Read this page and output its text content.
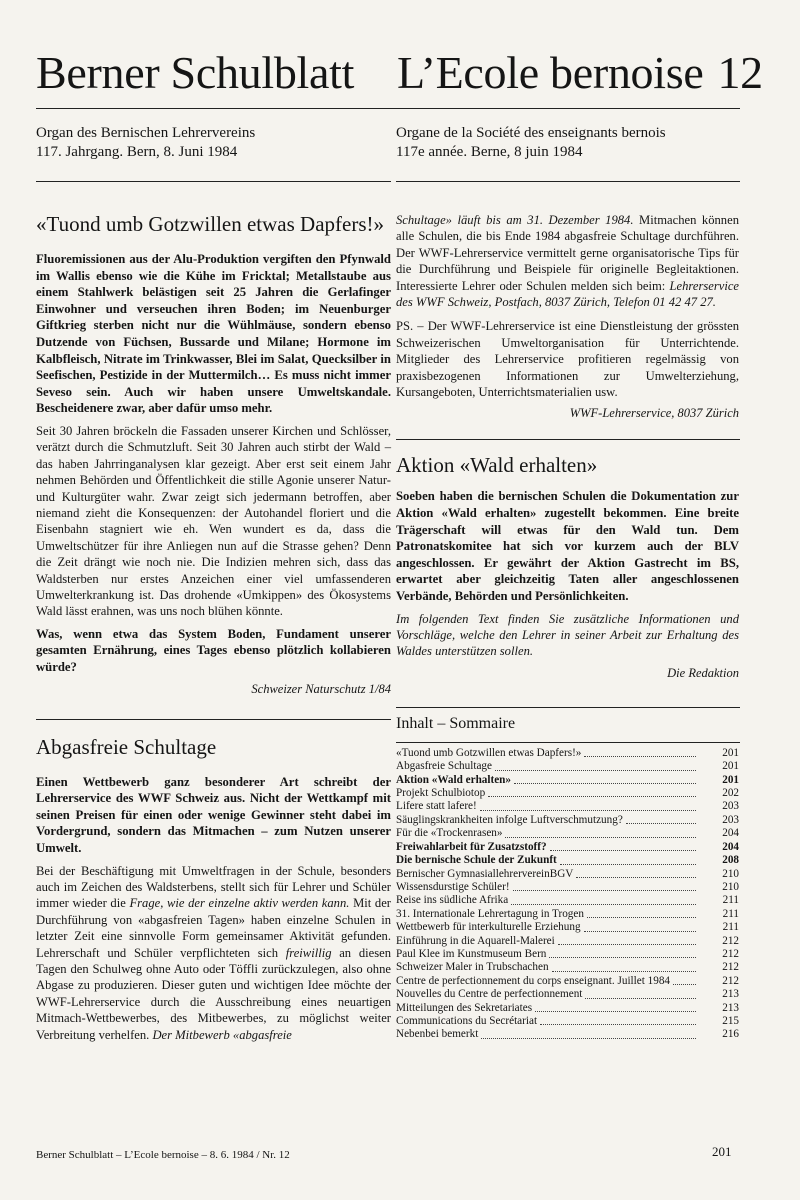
Berner Schulblatt L’Ecole bernoise 12
Organ des Bernischen Lehrervereins
117. Jahrgang. Bern, 8. Juni 1984
Organe de la Société des enseignants bernois
117e année. Berne, 8 juin 1984
«Tuond umb Gotzwillen etwas Dapfers!»

Fluoremissionen aus der Alu-Produktion vergiften den Pfynwald im Wallis ebenso wie die Kühe im Fricktal; Metallstaube aus einem Stahlwerk belästigen seit 25 Jahren die Gerlafinger Einwohner und verseuchen ihren Boden; im Neuenburger Giftkrieg sterben nicht nur die Wühlmäuse, sondern ebenso Dutzende von Füchsen, Bussarde und Milane; Hormone im Kalbfleisch, Nitrate im Trinkwasser, Blei im Salat, Quecksilber in Seefischen, Pestizide in der Muttermilch… Es muss nicht immer Seveso sein. Auch wir haben unsere Umweltskandale. Bescheidenere zwar, aber dafür umso mehr.

Seit 30 Jahren bröckeln die Fassaden unserer Kirchen und Schlösser, verätzt durch die Schmutzluft. Seit 30 Jahren auch stirbt der Wald – das haben Jahrringanalysen klar gezeigt. Aber erst seit einem Jahr nehmen Behörden und Öffentlichkeit die stille Agonie unserer Natur- und Kulturgüter wahr. Zwar zeigt sich jedermann betroffen, aber niemand zieht die Konsequenzen: der Autohandel floriert und die Eisenbahn stagniert wie eh. Wen wundert es da, dass die Umweltschützer für ihre Anliegen nun auf die Strasse gehen? Denn die Zeit drängt wie noch nie. Die Indizien mehren sich, dass das Waldsterben nur erstes Anzeichen einer viel umfassenderen Umwelterkrankung ist. Das drohende «Umkippen» des Ökosystems Wald lässt erahnen, was uns noch blühen könnte.

Was, wenn etwa das System Boden, Fundament unserer gesamten Ernährung, eines Tages ebenso plötzlich kollabieren würde?

Schweizer Naturschutz 1/84

Abgasfreie Schultage

Einen Wettbewerb ganz besonderer Art schreibt der Lehrerservice des WWF Schweiz aus. Nicht der Wettkampf mit seinen Preisen für einen oder wenige Gewinner steht dabei im Vordergrund, sondern das Mitmachen – zum Nutzen unserer Umwelt.

Bei der Beschäftigung mit Umweltfragen in der Schule, besonders auch im Zeichen des Waldsterbens, stellt sich für Lehrer und Schüler immer wieder die Frage, wie der einzelne aktiv werden kann. Mit der Durchführung von «abgasfreien Tagen» haben einzelne Schulen in letzter Zeit eine sinnvolle Form gemeinsamer Aktivität gefunden. Lehrerschaft und Schüler verpflichteten sich freiwillig an diesen Tagen den Schulweg ohne Auto oder Töffli zurückzulegen, also ohne Abgase zu produzieren. Dieser guten und wichtigen Idee möchte der WWF-Lehrerservice durch die Ausschreibung eines neuartigen Mitmach-Wettbewerbes, des Mitbewerbes, zu möglichst weiter Verbreitung verhelfen. Der Mitbewerb «abgasfreie

Schultage» läuft bis am 31. Dezember 1984. Mitmachen können alle Schulen, die bis Ende 1984 abgasfreie Schultage durchführen. Der WWF-Lehrerservice vermittelt gerne organisatorische Tips für die Durchführung und Beispiele für originelle Begleitaktionen. Interessierte Lehrer oder Schulen melden sich beim: Lehrerservice des WWF Schweiz, Postfach, 8037 Zürich, Telefon 01 42 47 27.

PS. – Der WWF-Lehrerservice ist eine Dienstleistung der grössten Schweizerischen Umweltorganisation für Unterrichtende. Mitglieder des Lehrerservice profitieren regelmässig von praxisbezogenen Informationen zur Umwelterziehung, Kursangeboten, Unterrichtsmaterialien usw.

WWF-Lehrerservice, 8037 Zürich

Aktion «Wald erhalten»

Soeben haben die bernischen Schulen die Dokumentation zur Aktion «Wald erhalten» zugestellt bekommen. Eine breite Trägerschaft will etwas für den Wald tun. Dem Patronatskomitee hat sich vor kurzem auch der BLV angeschlossen. Er gewährt der Aktion Gastrecht im BS, erwartet aber gleichzeitig Taten aller angeschlossenen Verbände, Behörden und Persönlichkeiten.

Im folgenden Text finden Sie zusätzliche Informationen und Vorschläge, welche den Lehrer in seiner Arbeit zur Erhaltung des Waldes unterstützen sollen.

Die Redaktion

Inhalt – Sommaire
«Tuond umb Gotzwillen etwas Dapfers!»	201
Abgasfreie Schultage	201
Aktion «Wald erhalten»	201
Projekt Schulbiotop	202
Lifere statt lafere!	203
Säuglingskrankheiten infolge Luftverschmutzung?	203
Für die «Trockenrasen»	204
Freiwahlarbeit für Zusatzstoff?	204
Die bernische Schule der Zukunft	208
Bernischer GymnasiallehrervereinBGV	210
Wissensdurstige Schüler!	210
Reise ins südliche Afrika	211
31. Internationale Lehrertagung in Trogen	211
Wettbewerb für interkulturelle Erziehung	211
Einführung in die Aquarell-Malerei	212
Paul Klee im Kunstmuseum Bern	212
Schweizer Maler in Trubschachen	212
Centre de perfectionnement du corps enseignant. Juillet 1984	212
Nouvelles du Centre de perfectionnement	213
Mitteilungen des Sekretariates	213
Communications du Secrétariat	215
Nebenbei bemerkt	216
Berner Schulblatt – L’Ecole bernoise – 8. 6. 1984 / Nr. 12	201
